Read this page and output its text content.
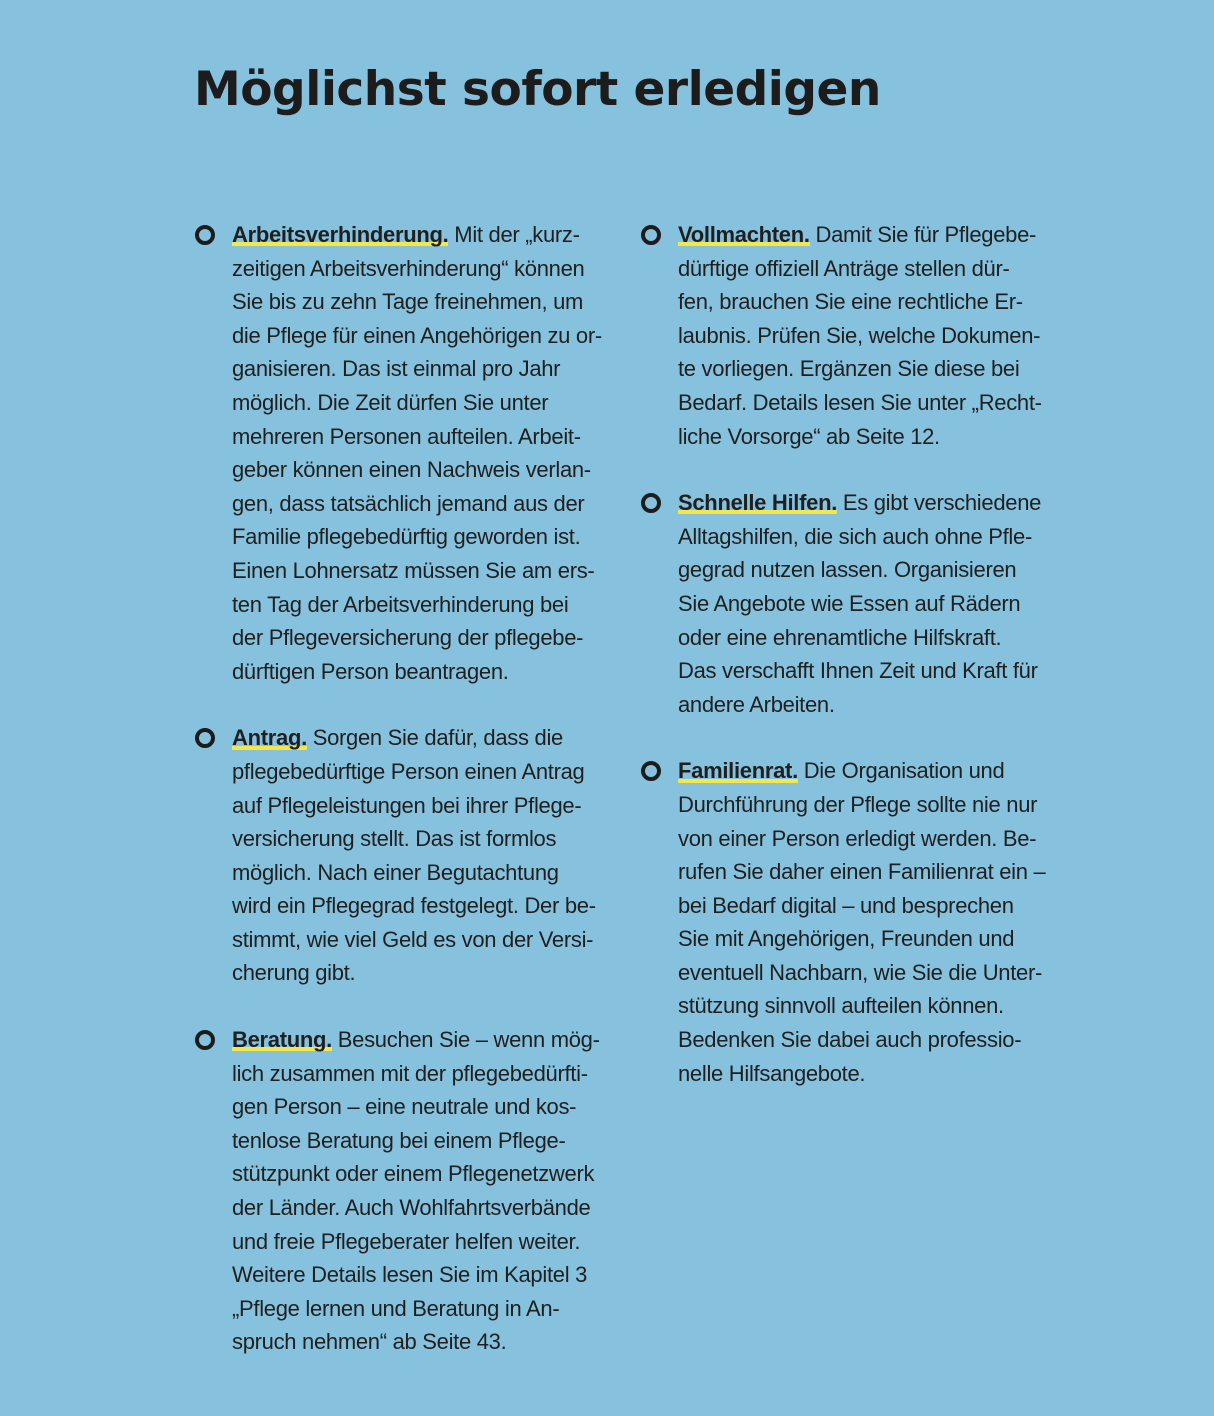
Möglichst sofort erledigen
Arbeitsverhinderung. Mit der „kurz-
zeitigen Arbeitsverhinderung“ können
Sie bis zu zehn Tage freinehmen, um
die Pflege für einen Angehörigen zu or-
ganisieren. Das ist einmal pro Jahr
möglich. Die Zeit dürfen Sie unter
mehreren Personen aufteilen. Arbeit-
geber können einen Nachweis verlan-
gen, dass tatsächlich jemand aus der
Familie pflegebedürftig geworden ist.
Einen Lohnersatz müssen Sie am ers-
ten Tag der Arbeitsverhinderung bei
der Pflegeversicherung der pflegebe-
dürftigen Person beantragen.
Antrag. Sorgen Sie dafür, dass die
pflegebedürftige Person einen Antrag
auf Pflegeleistungen bei ihrer Pflege-
versicherung stellt. Das ist formlos
möglich. Nach einer Begutachtung
wird ein Pflegegrad festgelegt. Der be-
stimmt, wie viel Geld es von der Versi-
cherung gibt.
Beratung. Besuchen Sie – wenn mög-
lich zusammen mit der pflegebedürfti-
gen Person – eine neutrale und kos-
tenlose Beratung bei einem Pflege-
stützpunkt oder einem Pflegenetzwerk
der Länder. Auch Wohlfahrtsverbände
und freie Pflegeberater helfen weiter.
Weitere Details lesen Sie im Kapitel 3
„Pflege lernen und Beratung in An-
spruch nehmen“ ab Seite 43.
Vollmachten. Damit Sie für Pflegebe-
dürftige offiziell Anträge stellen dür-
fen, brauchen Sie eine rechtliche Er-
laubnis. Prüfen Sie, welche Dokumen-
te vorliegen. Ergänzen Sie diese bei
Bedarf. Details lesen Sie unter „Recht-
liche Vorsorge“ ab Seite 12.
Schnelle Hilfen. Es gibt verschiedene
Alltagshilfen, die sich auch ohne Pfle-
gegrad nutzen lassen. Organisieren
Sie Angebote wie Essen auf Rädern
oder eine ehrenamtliche Hilfskraft.
Das verschafft Ihnen Zeit und Kraft für
andere Arbeiten.
Familienrat. Die Organisation und
Durchführung der Pflege sollte nie nur
von einer Person erledigt werden. Be-
rufen Sie daher einen Familienrat ein –
bei Bedarf digital – und besprechen
Sie mit Angehörigen, Freunden und
eventuell Nachbarn, wie Sie die Unter-
stützung sinnvoll aufteilen können.
Bedenken Sie dabei auch professio-
nelle Hilfsangebote.
